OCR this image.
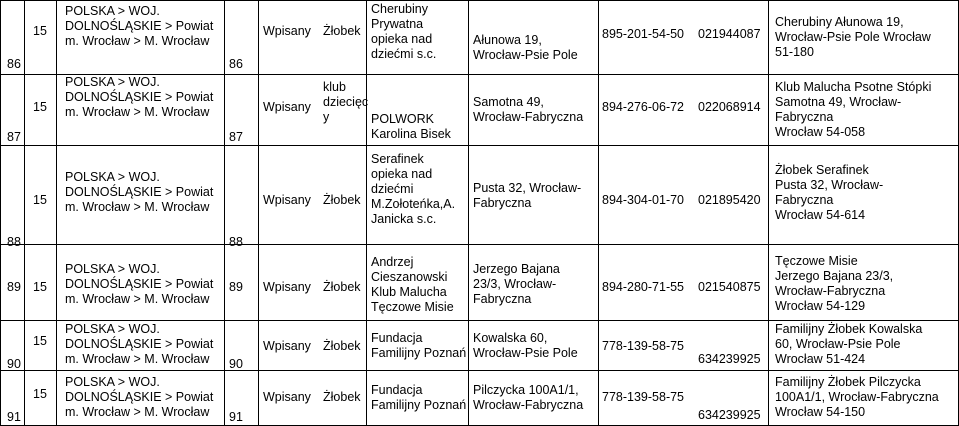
86
15
POLSKA > WOJ.
DOLNOŚLĄSKIE > Powiat
m. Wrocław > M. Wrocław
86
Wpisany Żłobek
Cherubiny
Prywatna
opieka nad
dziećmi s.c.
Ałunowa 19,
Wrocław-Psie Pole
895-201-54-50 021944087
Cherubiny Ałunowa 19,
Wrocław-Psie Pole Wrocław
51-180
87
15
POLSKA > WOJ.
DOLNOŚLĄSKIE > Powiat
m. Wrocław > M. Wrocław
87
Wpisany
klub
dziecięc
y	POLWORK
Karolina Bisek
Samotna 49,
Wrocław-Fabryczna
894-276-06-72 022068914
Klub Malucha Psotne Stópki
Samotna 49, Wrocław-
Fabryczna
Wrocław 54-058
88
15
POLSKA > WOJ.
DOLNOŚLĄSKIE > Powiat
m. Wrocław > M. Wrocław
88
Wpisany Żłobek
Serafinek
opieka nad
dziećmi
M.Zołoteńka,A.
Janicka s.c.
Pusta 32, Wrocław-
Fabryczna	894-304-01-70 021895420
Żłobek Serafinek
Pusta 32, Wrocław-
Fabryczna
Wrocław 54-614
89 15
POLSKA > WOJ.
DOLNOŚLĄSKIE > Powiat
m. Wrocław > M. Wrocław
89 Wpisany Żłobek
Andrzej
Cieszanowski
Klub Malucha
Tęczowe Misie
Jerzego Bajana
23/3, Wrocław-
Fabryczna
894-280-71-55 021540875
Tęczowe Misie
Jerzego Bajana 23/3,
Wrocław-Fabryczna
Wrocław 54-129
90
15
POLSKA > WOJ.
DOLNOŚLĄSKIE > Powiat
m. Wrocław > M. Wrocław 90
Wpisany Żłobek
Fundacja
Familijny Poznań
Kowalska 60,
Wrocław-Psie Pole 778-139-58-75
634239925
Familijny Żłobek Kowalska
60, Wrocław-Psie Pole
Wrocław 51-424
91
15
POLSKA > WOJ.
DOLNOŚLĄSKIE > Powiat
m. Wrocław > M. Wrocław 91
Wpisany Żłobek Fundacja
Familijny Poznań
Pilczycka 100A1/1,
Wrocław-Fabryczna
778-139-58-75
634239925
Familijny Żłobek Pilczycka
100A1/1, Wrocław-Fabryczna
Wrocław 54-150
